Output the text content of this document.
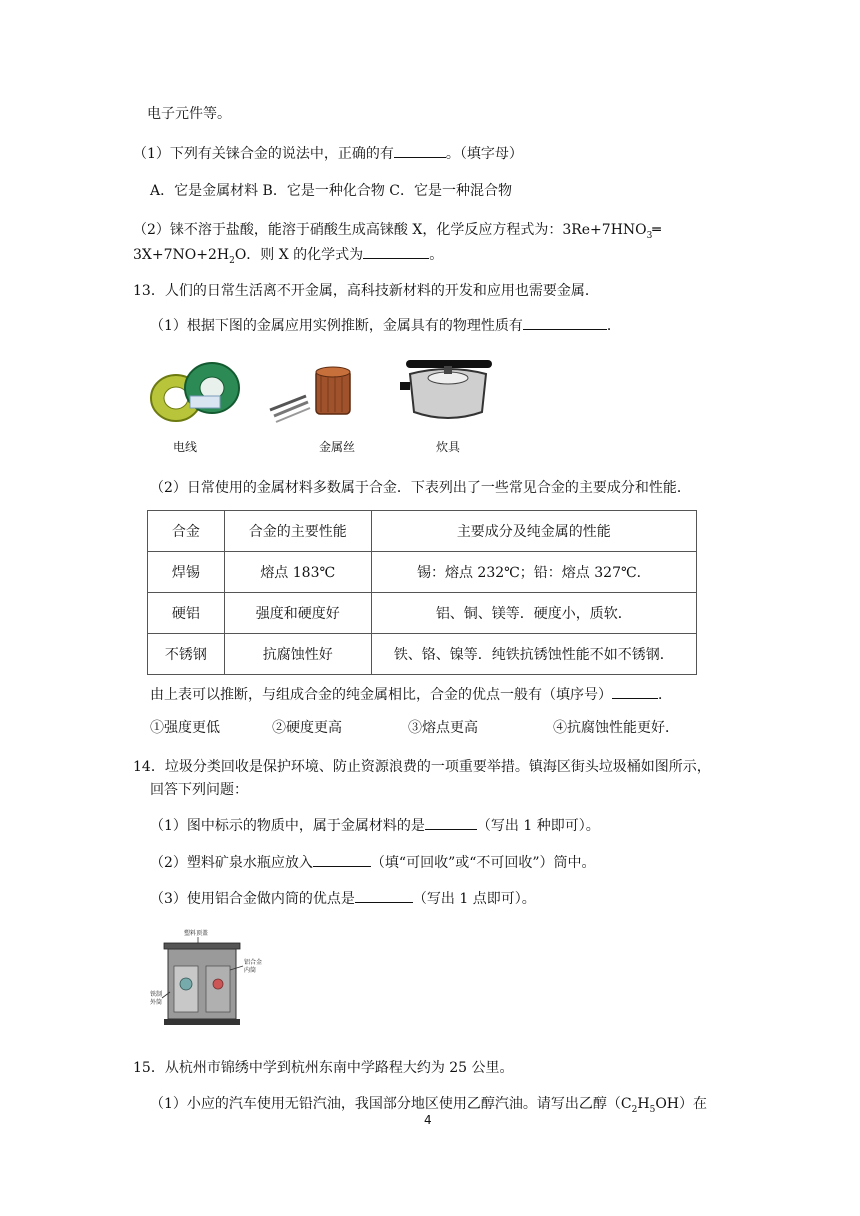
电子元件等。
（1）下列有关铼合金的说法中，正确的有	。（填字母）
A．它是金属材料 B．它是一种化合物 C．它是一种混合物
（2）铼不溶于盐酸，能溶于硝酸生成高铼酸 X，化学反应方程式为：$3Re+7HNO_3═$
$3X+7NO+2H_2O$．则 X 的化学式为	。
13．人们的日常生活离不开金属，高科技新材料的开发和应用也需要金属．
（1）根据下图的金属应用实例推断，金属具有的物理性质有	．
电线	金属丝	炊具
（2）日常使用的金属材料多数属于合金．下表列出了一些常见合金的主要成分和性能．
合金	合金的主要性能	主要成分及纯金属的性能
焊锡	熔点 183℃	锡：熔点 232℃；铅：熔点 327℃．
硬铝	强度和硬度好	铝、铜、镁等．硬度小，质软．
不锈钢	抗腐蚀性好	铁、铬、镍等．纯铁抗锈蚀性能不如不锈钢．
由上表可以推断，与组成合金的纯金属相比，合金的优点一般有（填序号）	．
①强度更低	②硬度更高	③熔点更高	④抗腐蚀性能更好．
14．垃圾分类回收是保护环境、防止资源浪费的一项重要举措。镇海区街头垃圾桶如图所示，
回答下列问题：
（1）图中标示的物质中，属于金属材料的是	（写出 1 种即可）。
（2）塑料矿泉水瓶应放入	（填“可回收”或“不可回收”）筒中。
（3）使用铝合金做内筒的优点是	（写出 1 点即可）。
塑料顶盖
铝合金
内筒
铁制
外筒
15．从杭州市锦绣中学到杭州东南中学路程大约为 25 公里。
（1）小应的汽车使用无铅汽油，我国部分地区使用乙醇汽油。请写出乙醇$(C_2H_5OH)$在
4
